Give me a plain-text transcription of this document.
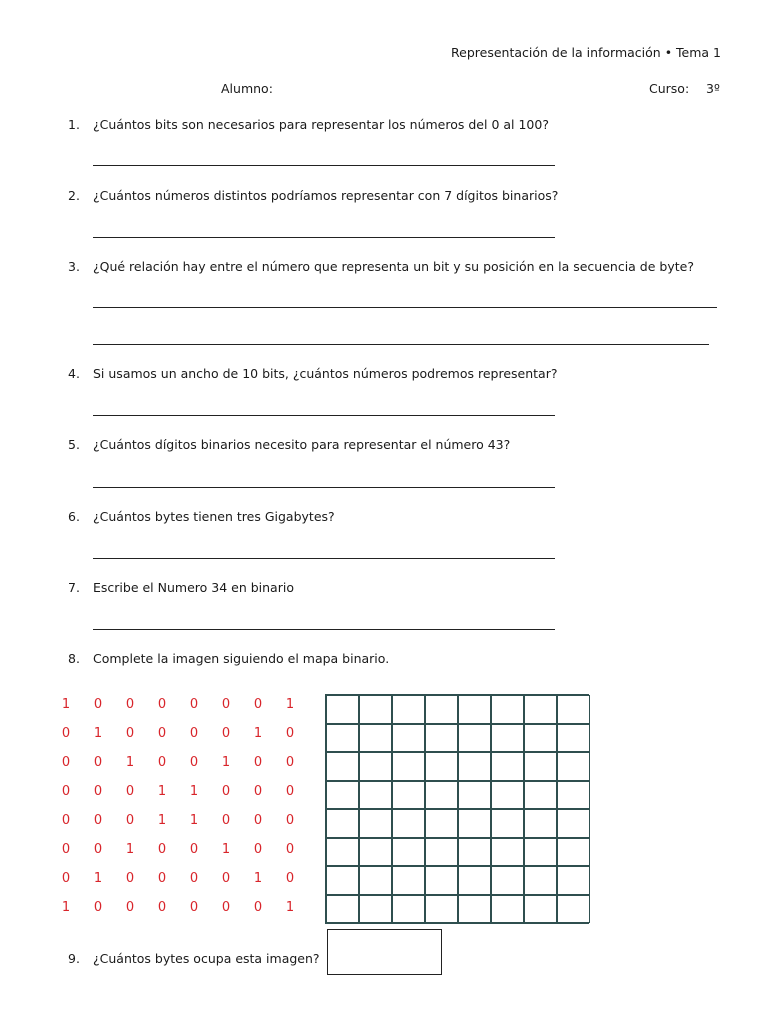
Representación de la información • Tema 1
Alumno:	Curso: 3º
1. ¿Cuántos bits son necesarios para representar los números del 0 al 100?
2. ¿Cuántos números distintos podríamos representar con 7 dígitos binarios?
3. ¿Qué relación hay entre el número que representa un bit y su posición en la secuencia de byte?
4. Si usamos un ancho de 10 bits, ¿cuántos números podremos representar?
5. ¿Cuántos dígitos binarios necesito para representar el número 43?
6. ¿Cuántos bytes tienen tres Gigabytes?
7. Escribe el Numero 34 en binario
8. Complete la imagen siguiendo el mapa binario.
1	0	0	0	0	0	0	1
0	1	0	0	0	0	1	0
0	0	1	0	0	1	0	0
0	0	0	1	1	0	0	0
0	0	0	1	1	0	0	0
0	0	1	0	0	1	0	0
0	1	0	0	0	0	1	0
1	0	0	0	0	0	0	1
9. ¿Cuántos bytes ocupa esta imagen?
